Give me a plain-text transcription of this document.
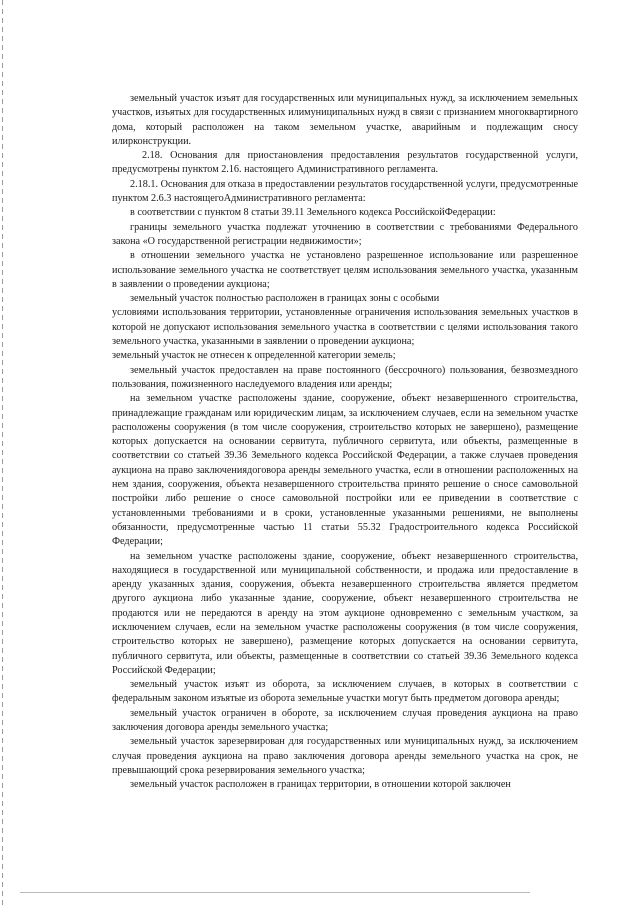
земельный участок изъят для государственных или муниципальных нужд, за исключением земельных участков, изъятых для государственных илимуниципальных нужд в связи с признанием многоквартирного дома, который расположен на таком земельном участке, аварийным и подлежащим сносу илирконструкции.

2.18. Основания для приостановления предоставления результатов государственной услуги, предусмотрены пунктом 2.16. настоящего Административного регламента.

2.18.1. Основания для отказа в предоставлении результатов государственной услуги, предусмотренные пунктом 2.6.3 настоящегоАдминистративного регламента:

в соответствии с пунктом 8 статьи 39.11 Земельного кодекса РоссийскойФедерации:

границы земельного участка подлежат уточнению в соответствии с требованиями Федерального закона «О государственной регистрации недвижимости»;

в отношении земельного участка не установлено разрешенное использование или разрешенное использование земельного участка не соответствует целям использования земельного участка, указанным в заявлении о проведении аукциона;

земельный участок полностью расположен в границах зоны с особыми

условиями использования территории, установленные ограничения использования земельных участков в которой не допускают использования земельного участка в соответствии с целями использования такого земельного участка, указанными в заявлении о проведении аукциона;

земельный участок не отнесен к определенной категории земель;

земельный участок предоставлен на праве постоянного (бессрочного) пользования, безвозмездного пользования, пожизненного наследуемого владения или аренды;

на земельном участке расположены здание, сооружение, объект незавершенного строительства, принадлежащие гражданам или юридическим лицам, за исключением случаев, если на земельном участке расположены сооружения (в том числе сооружения, строительство которых не завершено), размещение которых допускается на основании сервитута, публичного сервитута, или объекты, размещенные в соответствии со статьей 39.36 Земельного кодекса Российской Федерации, а также случаев проведения аукциона на право заключениядоговора аренды земельного участка, если в отношении расположенных на нем здания, сооружения, объекта незавершенного строительства принято решение о сносе самовольной постройки либо решение о сносе самовольной постройки или ее приведении в соответствие с установленными требованиями и в сроки, установленные указанными решениями, не выполнены обязанности, предусмотренные частью 11 статьи 55.32 Градостроительного кодекса Российской Федерации;

на земельном участке расположены здание, сооружение, объект незавершенного строительства, находящиеся в государственной или муниципальной собственности, и продажа или предоставление в аренду указанных здания, сооружения, объекта незавершенного строительства является предметом другого аукциона либо указанные здание, сооружение, объект незавершенного строительства не продаются или не передаются в аренду на этом аукционе одновременно с земельным участком, за исключением случаев, если на земельном участке расположены сооружения (в том числе сооружения, строительство которых не завершено), размещение которых допускается на основании сервитута, публичного сервитута, или объекты, размещенные в соответствии со статьей 39.36 Земельного кодекса Российской Федерации;

земельный участок изъят из оборота, за исключением случаев, в которых в соответствии с федеральным законом изъятые из оборота земельные участки могут быть предметом договора аренды;

земельный участок ограничен в обороте, за исключением случая проведения аукциона на право заключения договора аренды земельного участка;

земельный участок зарезервирован для государственных или муниципальных нужд, за исключением случая проведения аукциона на право заключения договора аренды земельного участка на срок, не превышающий срока резервирования земельного участка;

земельный участок расположен в границах территории, в отношении которой заключен
